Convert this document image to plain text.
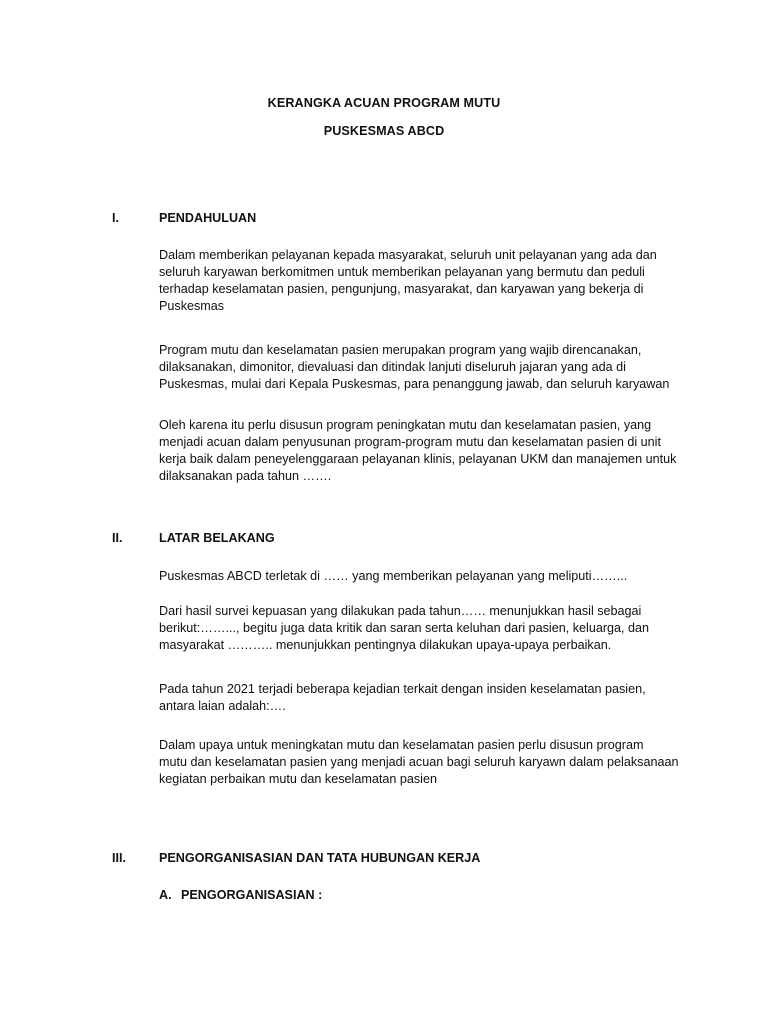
KERANGKA ACUAN PROGRAM MUTU
PUSKESMAS ABCD
I.	PENDAHULUAN
Dalam memberikan pelayanan kepada masyarakat, seluruh unit pelayanan yang ada dan
seluruh karyawan berkomitmen untuk memberikan pelayanan yang bermutu dan peduli
terhadap keselamatan pasien, pengunjung, masyarakat, dan karyawan yang bekerja di
Puskesmas
Program mutu dan keselamatan pasien merupakan program yang wajib direncanakan,
dilaksanakan, dimonitor, dievaluasi dan ditindak lanjuti diseluruh jajaran yang ada di
Puskesmas, mulai dari Kepala Puskesmas, para penanggung jawab, dan seluruh karyawan
Oleh karena itu perlu disusun program peningkatan mutu dan keselamatan pasien, yang
menjadi acuan dalam penyusunan program-program mutu dan keselamatan pasien di unit
kerja baik dalam peneyelenggaraan pelayanan klinis, pelayanan UKM dan manajemen untuk
dilaksanakan pada tahun …….
II.	LATAR BELAKANG
Puskesmas ABCD terletak di …… yang memberikan pelayanan yang meliputi……...
Dari hasil survei kepuasan yang dilakukan pada tahun…… menunjukkan hasil sebagai
berikut:……..., begitu juga data kritik dan saran serta keluhan dari pasien, keluarga, dan
masyarakat ……….. menunjukkan pentingnya dilakukan upaya-upaya perbaikan.
Pada tahun 2021 terjadi beberapa kejadian terkait dengan insiden keselamatan pasien,
antara laian adalah:….
Dalam upaya untuk meningkatan mutu dan keselamatan pasien perlu disusun program
mutu dan keselamatan pasien yang menjadi acuan bagi seluruh karyawn dalam pelaksanaan
kegiatan perbaikan mutu dan keselamatan pasien
III.	PENGORGANISASIAN DAN TATA HUBUNGAN KERJA
A. PENGORGANISASIAN :
